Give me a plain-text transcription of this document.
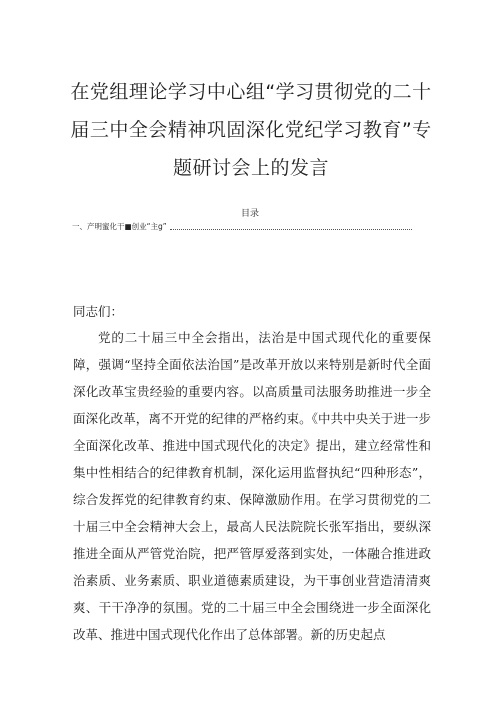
在党组理论学习中心组“学习贯彻党的二十届三中全会精神巩固深化党纪学习教育”专题研讨会上的发言
目录
一、产明蜜化干■创业“主g”
同志们：

党的二十届三中全会指出，法治是中国式现代化的重要保障，强调“坚持全面依法治国”是改革开放以来特别是新时代全面深化改革宝贵经验的重要内容。以高质量司法服务助推进一步全面深化改革，离不开党的纪律的严格约束。《中共中央关于进一步全面深化改革、推进中国式现代化的决定》提出，建立经常性和集中性相结合的纪律教育机制，深化运用监督执纪“四种形态”，综合发挥党的纪律教育约束、保障激励作用。在学习贯彻党的二十届三中全会精神大会上，最高人民法院院长张军指出，要纵深推进全面从严管党治院，把严管厚爱落到实处，一体融合推进政治素质、业务素质、职业道德素质建设，为干事创业营造清清爽爽、干干净净的氛围。党的二十届三中全会围绕进一步全面深化改革、推进中国式现代化作出了总体部署。新的历史起点
